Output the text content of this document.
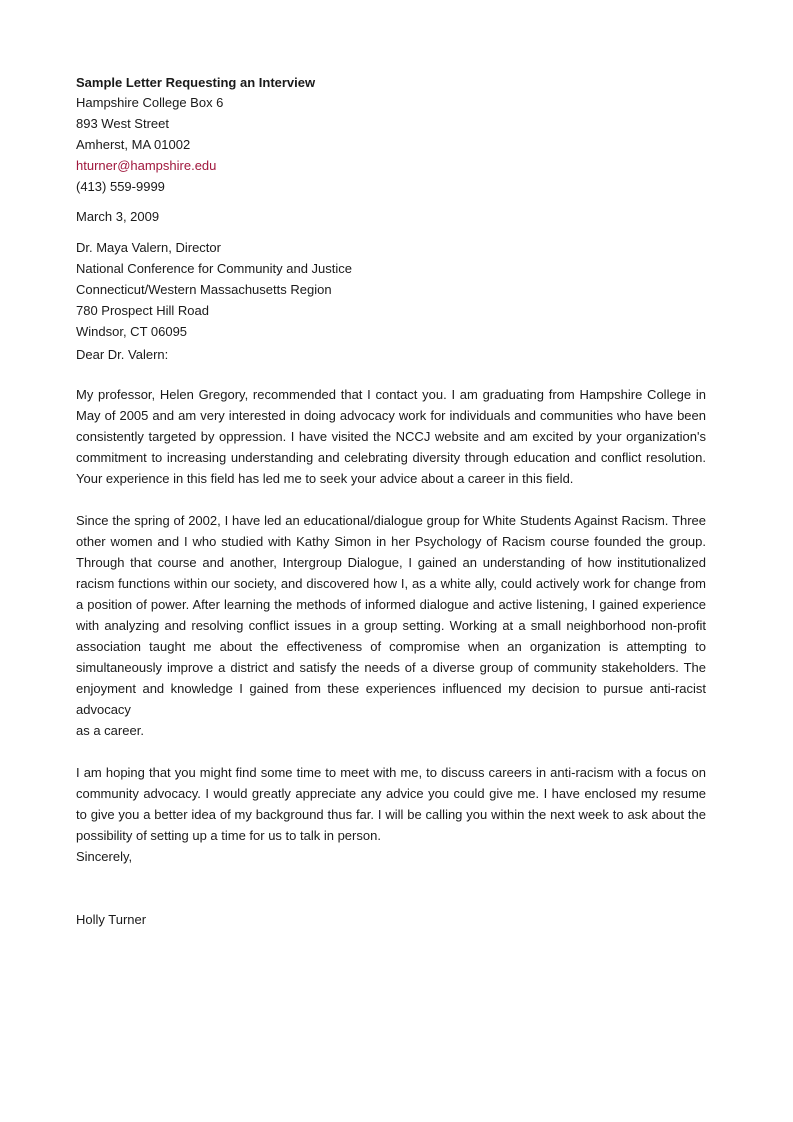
Sample Letter Requesting an Interview

Hampshire College Box 6

893 West Street

Amherst, MA 01002

hturner@hampshire.edu

(413) 559-9999

March 3, 2009

Dr. Maya Valern, Director

National Conference for Community and Justice

Connecticut/Western Massachusetts Region

780 Prospect Hill Road

Windsor, CT 06095

Dear Dr. Valern:

My professor, Helen Gregory, recommended that I contact you. I am graduating from Hampshire College in
May of 2005 and am very interested in doing advocacy work for individuals and communities who have been
consistently targeted by oppression. I have visited the NCCJ website and am excited by your organization's
commitment to increasing understanding and celebrating diversity through education and conflict resolution.
Your experience in this field has led me to seek your advice about a career in this field.
Since the spring of 2002, I have led an educational/dialogue group for White Students Against Racism. Three
other women and I who studied with Kathy Simon in her Psychology of Racism course founded the group.
Through that course and another, Intergroup Dialogue, I gained an understanding of how institutionalized
racism functions within our society, and discovered how I, as a white ally, could actively work for change from
a position of power. After learning the methods of informed dialogue and active listening, I gained experience
with analyzing and resolving conflict issues in a group setting. Working at a small neighborhood non-profit
association taught me about the effectiveness of compromise when an organization is attempting to
simultaneously improve a district and satisfy the needs of a diverse group of community stakeholders. The
enjoyment and knowledge I gained from these experiences influenced my decision to pursue anti-racist
advocacy
as a career.
I am hoping that you might find some time to meet with me, to discuss careers in anti-racism with a focus on
community advocacy. I would greatly appreciate any advice you could give me. I have enclosed my resume
to give you a better idea of my background thus far. I will be calling you within the next week to ask about the
possibility of setting up a time for us to talk in person.

Sincerely,

Holly Turner
